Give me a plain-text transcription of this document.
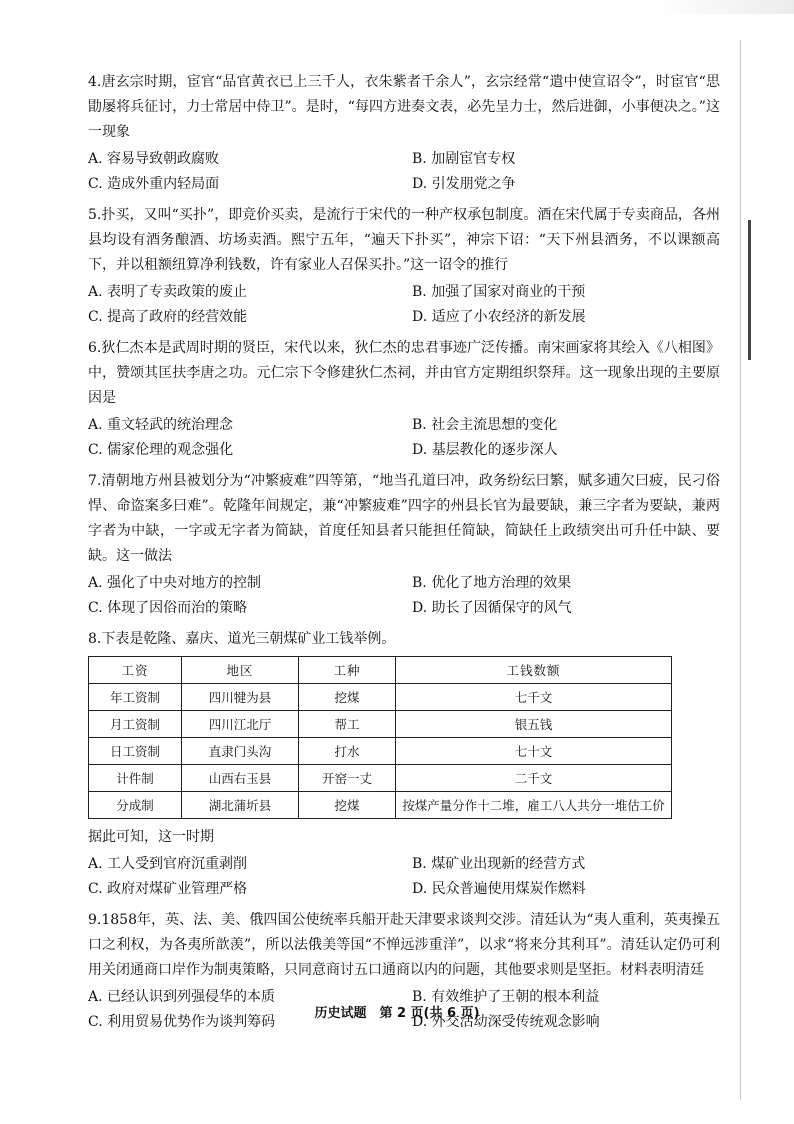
4.唐玄宗时期，宦官“品官黄衣已上三千人，衣朱紫者千余人”，玄宗经常“遣中使宣诏令”，时宦官“思勖屡将兵征讨，力士常居中侍卫”。是时，“每四方进奏文表，必先呈力士，然后进御，小事便决之。”这一现象

A. 容易导致朝政腐败	B. 加剧宦官专权
C. 造成外重内轻局面	D. 引发朋党之争

5.扑买，又叫“买扑”，即竞价买卖，是流行于宋代的一种产权承包制度。酒在宋代属于专卖商品，各州县均设有酒务酿酒、坊场卖酒。熙宁五年，“遍天下扑买”，神宗下诏：“天下州县酒务，不以课额高下，并以租额纽算净利钱数，许有家业人召保买扑。”这一诏令的推行

A. 表明了专卖政策的废止	B. 加强了国家对商业的干预
C. 提高了政府的经营效能	D. 适应了小农经济的新发展

6.狄仁杰本是武周时期的贤臣，宋代以来，狄仁杰的忠君事迹广泛传播。南宋画家将其绘入《八相图》中，赞颂其匡扶李唐之功。元仁宗下令修建狄仁杰祠，并由官方定期组织祭拜。这一现象出现的主要原因是

A. 重文轻武的统治理念	B. 社会主流思想的变化
C. 儒家伦理的观念强化	D. 基层教化的逐步深人

7.清朝地方州县被划分为“冲繁疲难”四等第，“地当孔道曰冲，政务纷纭曰繁，赋多逋欠曰疲，民刁俗悍、命盗案多曰难”。乾隆年间规定，兼“冲繁疲难”四字的州县长官为最要缺，兼三字者为要缺，兼两字者为中缺，一字或无字者为简缺，首度任知县者只能担任简缺，简缺任上政绩突出可升任中缺、要缺。这一做法

A. 强化了中央对地方的控制	B. 优化了地方治理的效果
C. 体现了因俗而治的策略	D. 助长了因循保守的风气

8.下表是乾隆、嘉庆、道光三朝煤矿业工钱举例。

工资	地区	工种	工钱数额
年工资制	四川犍为县	挖煤	七千文
月工资制	四川江北厅	帮工	银五钱
日工资制	直隶门头沟	打水	七十文
计件制	山西右玉县	开窑一丈	二千文
分成制	湖北蒲圻县	挖煤	按煤产量分作十二堆，雇工八人共分一堆估工价

据此可知，这一时期

A. 工人受到官府沉重剥削	B. 煤矿业出现新的经营方式
C. 政府对煤矿业管理严格	D. 民众普遍使用煤炭作燃料

9.1858年，英、法、美、俄四国公使统率兵船开赴天津要求谈判交涉。清廷认为“夷人重利，英夷操五口之利权，为各夷所歆羡”，所以法俄美等国“不惮远涉重洋”，以求“将来分其利耳”。清廷认定仍可利用关闭通商口岸作为制夷策略，只同意商讨五口通商以内的问题，其他要求则是坚拒。材料表明清廷

A. 已经认识到列强侵华的本质	B. 有效维护了王朝的根本利益
C. 利用贸易优势作为谈判筹码	D. 外交活动深受传统观念影响
历史试题　第 2 页(共 6 页)
